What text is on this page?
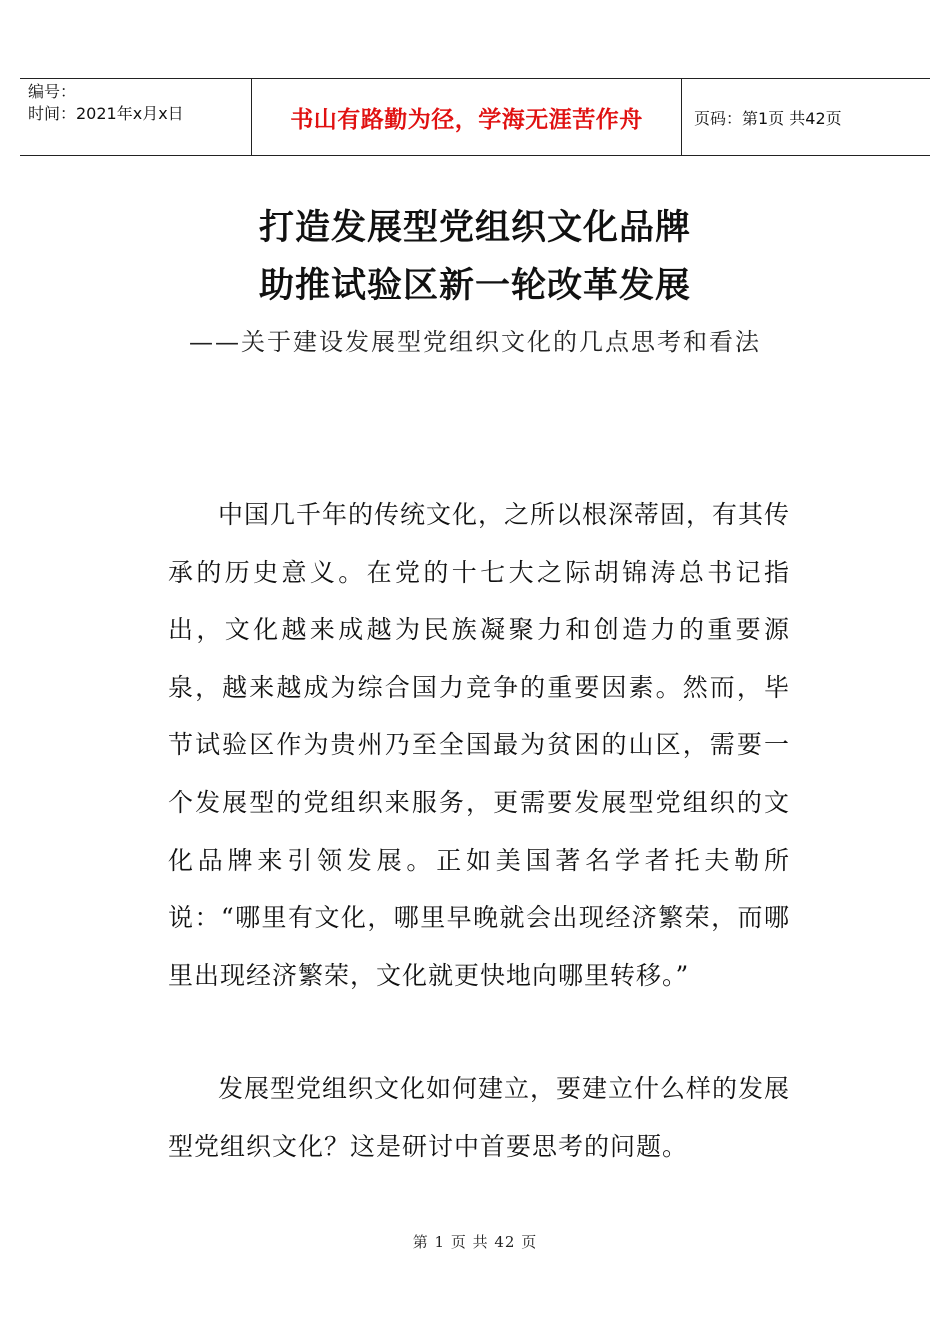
编号：
时间：2021年x月x日	书山有路勤为径，学海无涯苦作舟	页码：第1页 共42页
打造发展型党组织文化品牌
助推试验区新一轮改革发展
——关于建设发展型党组织文化的几点思考和看法

中国几千年的传统文化，之所以根深蒂固，有其传承的历史意义。在党的十七大之际胡锦涛总书记指出，文化越来成越为民族凝聚力和创造力的重要源泉，越来越成为综合国力竞争的重要因素。然而，毕节试验区作为贵州乃至全国最为贫困的山区，需要一个发展型的党组织来服务，更需要发展型党组织的文化品牌来引领发展。正如美国著名学者托夫勒所说：“哪里有文化，哪里早晚就会出现经济繁荣，而哪里出现经济繁荣，文化就更快地向哪里转移。”

发展型党组织文化如何建立，要建立什么样的发展型党组织文化？这是研讨中首要思考的问题。

第 1 页 共 42 页
